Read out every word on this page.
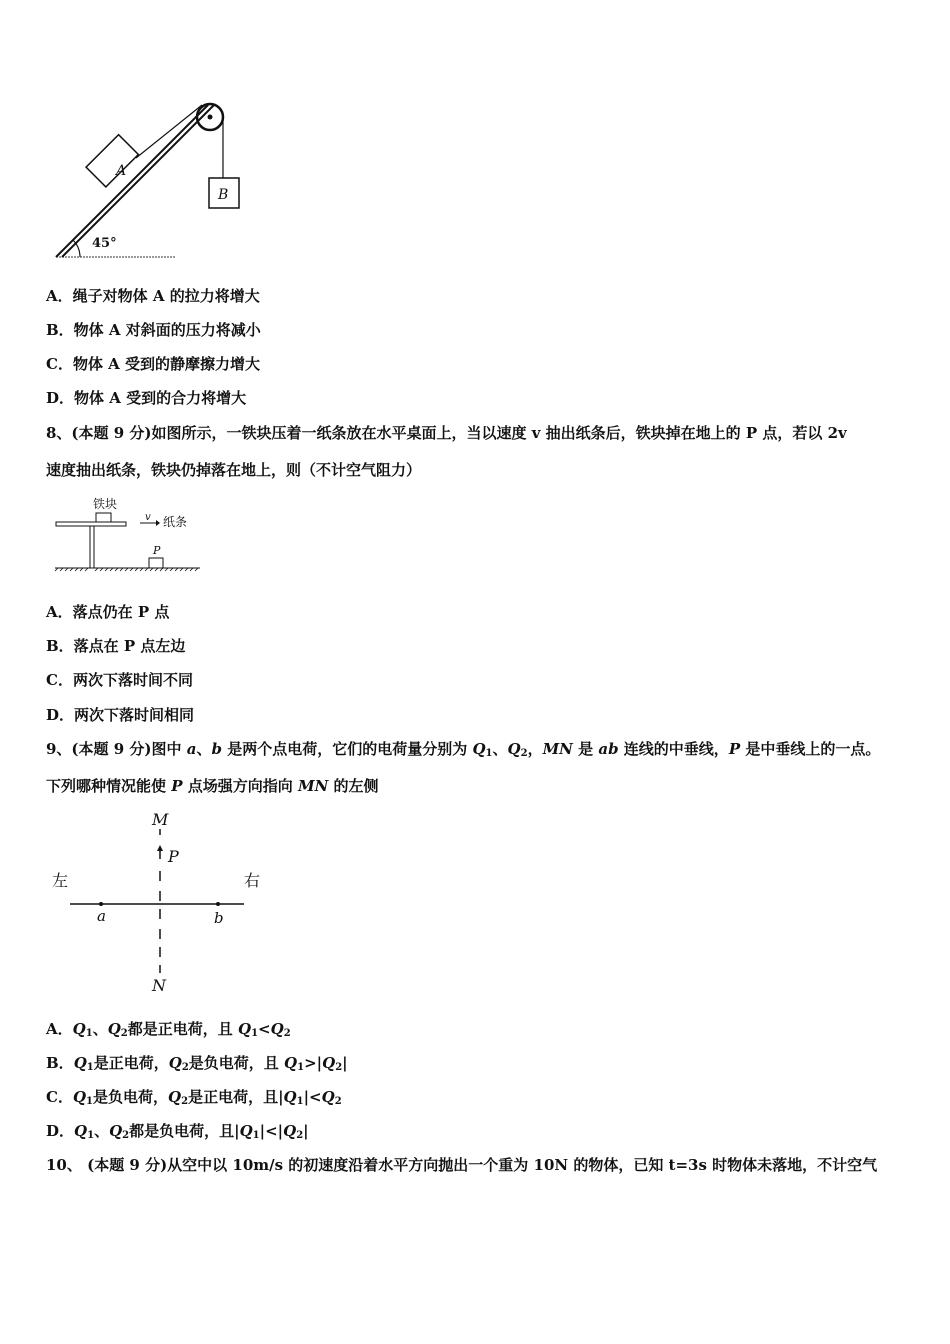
A
B
45°
A．绳子对物体 A 的拉力将增大
B．物体 A 对斜面的压力将减小
C．物体 A 受到的静摩擦力增大
D．物体 A 受到的合力将增大
8、(本题 9 分)如图所示，一铁块压着一纸条放在水平桌面上，当以速度 v 抽出纸条后，铁块掉在地上的 P 点，若以 2v
速度抽出纸条，铁块仍掉落在地上，则（不计空气阻力）
铁块
v 纸条
P
A．落点仍在 P 点
B．落点在 P 点左边
C．两次下落时间不同
D．两次下落时间相同
9、(本题 9 分)图中 a、b 是两个点电荷，它们的电荷量分别为 $Q_1$、$Q_2$，MN 是 ab 连线的中垂线，P 是中垂线上的一点。
下列哪种情况能使 P 点场强方向指向 MN 的左侧
M
P
N
左	右
a	b
A．$Q_1$、$Q_2$都是正电荷，且 $Q_1<Q_2$
B．$Q_1$是正电荷，$Q_2$是负电荷，且 $Q_1>|Q_2|$
C．$Q_1$是负电荷，$Q_2$是正电荷，且$|Q_1|<Q_2$
D．$Q_1$、$Q_2$都是负电荷，且$|Q_1|<|Q_2|$
10、 (本题 9 分)从空中以 10m/s 的初速度沿着水平方向抛出一个重为 10N 的物体，已知 t=3s 时物体未落地，不计空气
